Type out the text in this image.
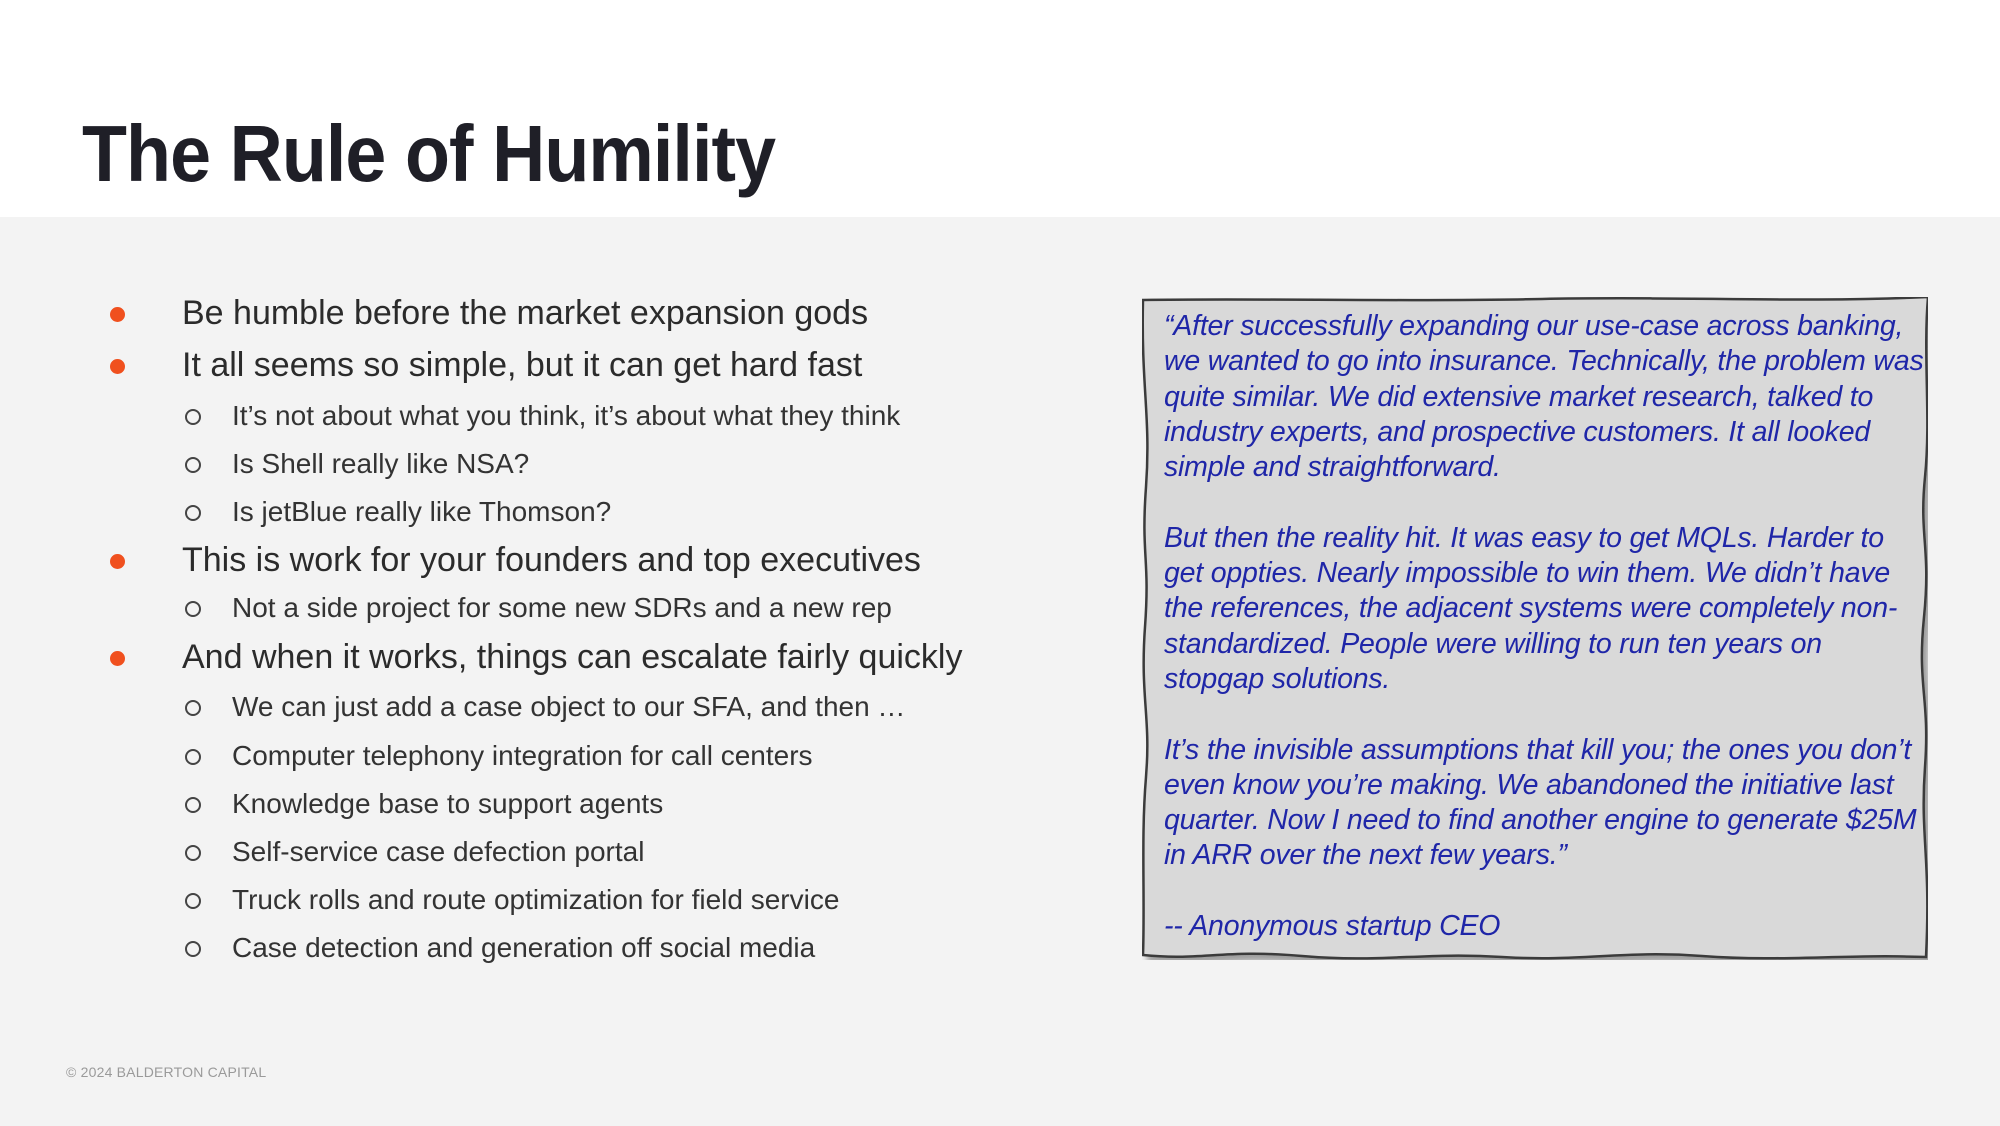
The Rule of Humility
Be humble before the market expansion gods
It all seems so simple, but it can get hard fast
It’s not about what you think, it’s about what they think
Is Shell really like NSA?
Is jetBlue really like Thomson?
This is work for your founders and top executives
Not a side project for some new SDRs and a new rep
And when it works, things can escalate fairly quickly
We can just add a case object to our SFA, and then …
Computer telephony integration for call centers
Knowledge base to support agents
Self-service case defection portal
Truck rolls and route optimization for field service
Case detection and generation off social media

“After successfully expanding our use-case across banking, we wanted to go into insurance. Technically, the problem was quite similar. We did extensive market research, talked to industry experts, and prospective customers. It all looked simple and straightforward.

But then the reality hit. It was easy to get MQLs. Harder to get oppties. Nearly impossible to win them. We didn’t have the references, the adjacent systems were completely non-standardized. People were willing to run ten years on stopgap solutions.

It’s the invisible assumptions that kill you; the ones you don’t even know you’re making. We abandoned the initiative last quarter. Now I need to find another engine to generate $25M in ARR over the next few years.”

-- Anonymous startup CEO

© 2024 BALDERTON CAPITAL
